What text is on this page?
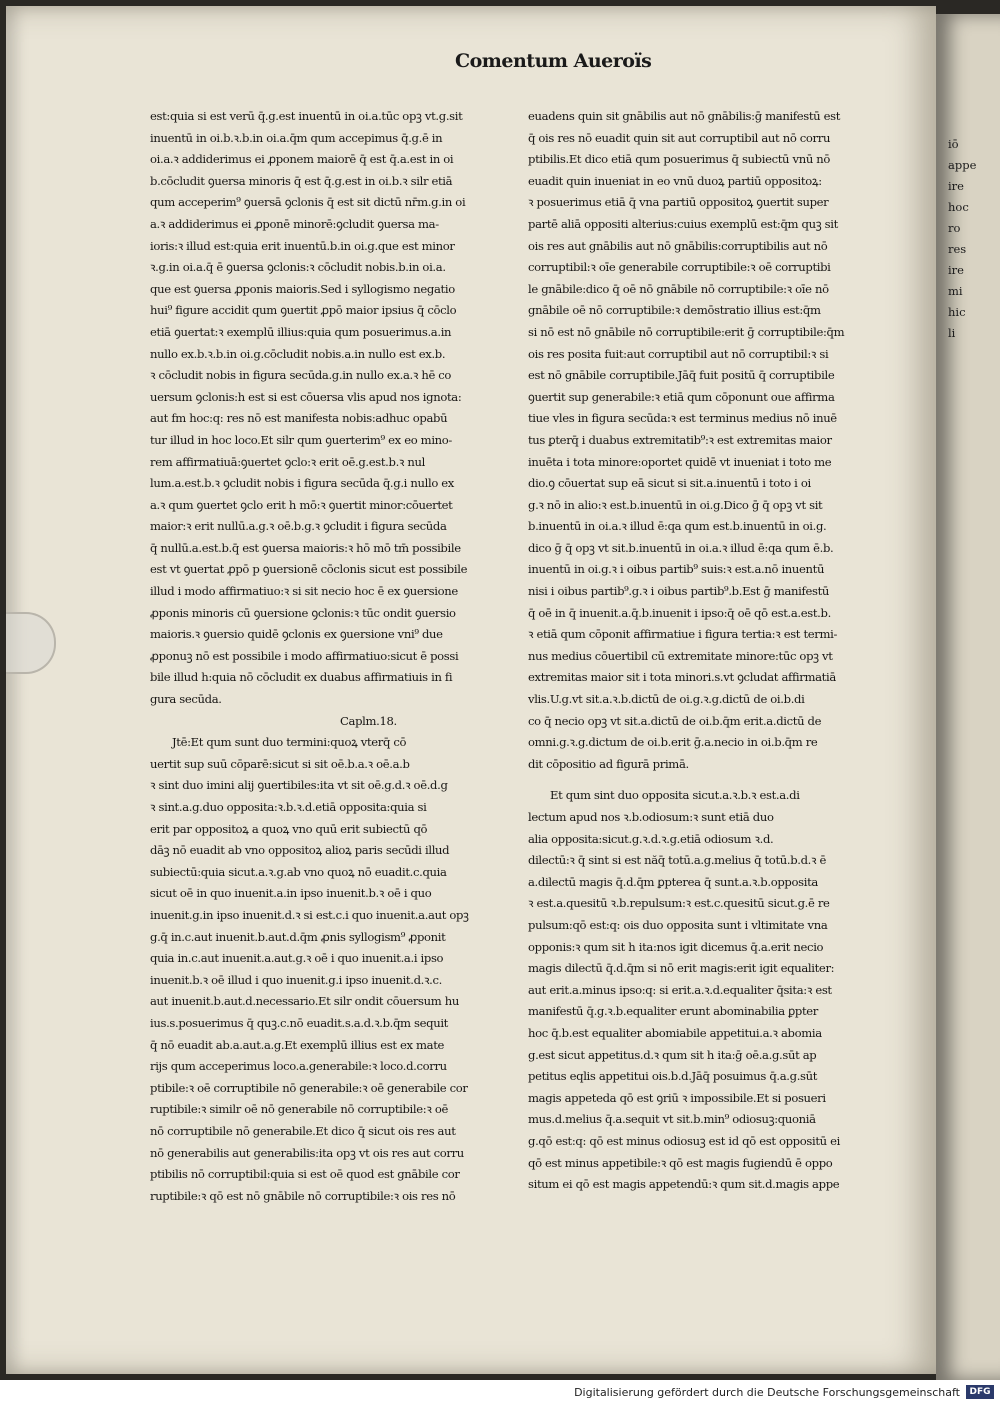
iō
appe
ire
hoc
ro
res
ire
mi
hic
li
Comentum Aueroïs
est:quia si est verū q̄.g.est inuentū in oi.a.tūc opꝫ vt.g.sit
inuentū in oi.b.ꝛ.b.in oi.a.q̄m qum accepimus q̄.g.ē in
oi.a.ꝛ addiderimus ei ꝓponem maiorē q̄ est q̄.a.est in oi
b.cōcludit ꝯuersa minoris q̄ est q̄.g.est in oi.b.ꝛ silr etiā
qum acceperim⁹ ꝯuersā ꝯclonis q̄ est sit dictū nr̄m.g.in oi
a.ꝛ addiderimus ei ꝓponē minorē:ꝯcludit ꝯuersa ma-
ioris:ꝛ illud est:quia erit inuentū.b.in oi.g.que est minor
ꝛ.g.in oi.a.q̄ ē ꝯuersa ꝯclonis:ꝛ cōcludit nobis.b.in oi.a.
que est ꝯuersa ꝓponis maioris.Sed i syllogismo negatio
hui⁹ figure accidit qum ꝯuertit ꝓpō maior ipsius q̄ cōclo
etiā ꝯuertat:ꝛ exemplū illius:quia qum posuerimus.a.in
nullo ex.b.ꝛ.b.in oi.g.cōcludit nobis.a.in nullo est ex.b.
ꝛ cōcludit nobis in figura secūda.g.in nullo ex.a.ꝛ hē co
uersum ꝯclonis:h est si est cōuersa vlis apud nos ignota:
aut fm hoc:q: res nō est manifesta nobis:adhuc opabū
tur illud in hoc loco.Et silr qum ꝯuerterim⁹ ex eo mino-
rem affirmatiuā:ꝯuertet ꝯclo:ꝛ erit oē.g.est.b.ꝛ nul
lum.a.est.b.ꝛ ꝯcludit nobis i figura secūda q̄.g.i nullo ex
a.ꝛ qum ꝯuertet ꝯclo erit h mō:ꝛ ꝯuertit minor:cōuertet
maior:ꝛ erit nullū.a.g.ꝛ oē.b.g.ꝛ ꝯcludit i figura secūda
q̄ nullū.a.est.b.q̄ est ꝯuersa maioris:ꝛ hō mō tm̄ possibile
est vt ꝯuertat ꝓpō p ꝯuersionē cōclonis sicut est possibile
illud i modo affirmatiuo:ꝛ si sit necio hoc ē ex ꝯuersione
ꝓponis minoris cū ꝯuersione ꝯclonis:ꝛ tūc ondit ꝯuersio
maioris.ꝛ ꝯuersio quidē ꝯclonis ex ꝯuersione vni⁹ due
ꝓponuꝫ nō est possibile i modo affirmatiuo:sicut ē possi
bile illud h:quia nō cōcludit ex duabus affirmatiuis in fi
gura secūda.
Caplm.18.
Jtē:Et qum sunt duo termini:quoꝝ vterq̄ cō
uertit sup suū cōparē:sicut si sit oē.b.a.ꝛ oē.a.b
ꝛ sint duo imini alij ꝯuertibiles:ita vt sit oē.g.d.ꝛ oē.d.g
ꝛ sint.a.g.duo opposita:ꝛ.b.ꝛ.d.etiā opposita:quia si
erit par oppositoꝝ a quoꝝ vno quū erit subiectū qō
dāꝫ nō euadit ab vno oppositoꝝ alioꝝ paris secūdi illud
subiectū:quia sicut.a.ꝛ.g.ab vno quoꝝ nō euadit.c.quia
sicut oē in quo inuenit.a.in ipso inuenit.b.ꝛ oē i quo
inuenit.g.in ipso inuenit.d.ꝛ si est.c.i quo inuenit.a.aut opꝫ
g.q̄ in.c.aut inuenit.b.aut.d.q̄m ꝓnis syllogism⁹ ꝓponit
quia in.c.aut inuenit.a.aut.g.ꝛ oē i quo inuenit.a.i ipso
inuenit.b.ꝛ oē illud i quo inuenit.g.i ipso inuenit.d.ꝛ.c.
aut inuenit.b.aut.d.necessario.Et silr ondit cōuersum hu
ius.s.posuerimus q̄ quꝫ.c.nō euadit.s.a.d.ꝛ.b.q̄m sequit
q̄ nō euadit ab.a.aut.a.g.Et exemplū illius est ex mate
rijs qum acceperimus loco.a.generabile:ꝛ loco.d.corru
ptibile:ꝛ oē corruptibile nō generabile:ꝛ oē generabile cor
ruptibile:ꝛ similr oē nō generabile nō corruptibile:ꝛ oē
nō corruptibile nō generabile.Et dico q̄ sicut ois res aut
nō generabilis aut generabilis:ita opꝫ vt ois res aut corru
ptibilis nō corruptibil:quia si est oē quod est gnābile cor
ruptibile:ꝛ qō est nō gnābile nō corruptibile:ꝛ ois res nō
euadens quin sit gnābilis aut nō gnābilis:ḡ manifestū est
q̄ ois res nō euadit quin sit aut corruptibil aut nō corru
ptibilis.Et dico etiā qum posuerimus q̄ subiectū vnū nō
euadit quin inueniat in eo vnū duoꝝ partiū oppositoꝝ:
ꝛ posuerimus etiā q̄ vna partiū oppositoꝝ ꝯuertit super
partē aliā oppositi alterius:cuius exemplū est:q̄m quꝫ sit
ois res aut gnābilis aut nō gnābilis:corruptibilis aut nō
corruptibil:ꝛ oīe generabile corruptibile:ꝛ oē corruptibi
le gnābile:dico q̄ oē nō gnābile nō corruptibile:ꝛ oīe nō
gnābile oē nō corruptibile:ꝛ demōstratio illius est:q̄m
si nō est nō gnābile nō corruptibile:erit ḡ corruptibile:q̄m
ois res posita fuit:aut corruptibil aut nō corruptibil:ꝛ si
est nō gnābile corruptibile.Jāq̄ fuit positū q̄ corruptibile
ꝯuertit sup generabile:ꝛ etiā qum cōponunt oue affirma
tiue vles in figura secūda:ꝛ est terminus medius nō inuē
tus ꝑterq̄ i duabus extremitatib⁹:ꝛ est extremitas maior
inuēta i tota minore:oportet quidē vt inueniat i toto me
dio.ꝯ cōuertat sup eā sicut si sit.a.inuentū i toto i oi
g.ꝛ nō in alio:ꝛ est.b.inuentū in oi.g.Dico ḡ q̄ opꝫ vt sit
b.inuentū in oi.a.ꝛ illud ē:qa qum est.b.inuentū in oi.g.
dico ḡ q̄ opꝫ vt sit.b.inuentū in oi.a.ꝛ illud ē:qa qum ē.b.
inuentū in oi.g.ꝛ i oibus partib⁹ suis:ꝛ est.a.nō inuentū
nisi i oibus partib⁹.g.ꝛ i oibus partib⁹.b.Est ḡ manifestū
q̄ oē in q̄ inuenit.a.q̄.b.inuenit i ipso:q̄ oē qō est.a.est.b.
ꝛ etiā qum cōponit affirmatiue i figura tertia:ꝛ est termi-
nus medius cōuertibil cū extremitate minore:tūc opꝫ vt
extremitas maior sit i tota minori.s.vt ꝯcludat affirmatiā
vlis.U.g.vt sit.a.ꝛ.b.dictū de oi.g.ꝛ.g.dictū de oi.b.di
co q̄ necio opꝫ vt sit.a.dictū de oi.b.q̄m erit.a.dictū de
omni.g.ꝛ.g.dictum de oi.b.erit ḡ.a.necio in oi.b.q̄m re
dit cōpositio ad figurā primā.
Et qum sint duo opposita sicut.a.ꝛ.b.ꝛ est.a.di
lectum apud nos ꝛ.b.odiosum:ꝛ sunt etiā duo
alia opposita:sicut.g.ꝛ.d.ꝛ.g.etiā odiosum ꝛ.d.
dilectū:ꝛ q̄ sint si est năq̄ totū.a.g.melius q̄ totū.b.d.ꝛ ē
a.dilectū magis q̄.d.q̄m ꝑpterea q̄ sunt.a.ꝛ.b.opposita
ꝛ est.a.quesitū ꝛ.b.repulsum:ꝛ est.c.quesitū sicut.g.ē re
pulsum:qō est:q: ois duo opposita sunt i vltimitate vna
opponis:ꝛ qum sit h ita:nos igit dicemus q̄.a.erit necio
magis dilectū q̄.d.q̄m si nō erit magis:erit igit equaliter:
aut erit.a.minus ipso:q: si erit.a.ꝛ.d.equaliter q̄sita:ꝛ est
manifestū q̄.g.ꝛ.b.equaliter erunt abominabilia ꝑpter
hoc q̄.b.est equaliter abomiabile appetitui.a.ꝛ abomia
g.est sicut appetitus.d.ꝛ qum sit h ita:ḡ oē.a.g.sūt ap
petitus eqlis appetitui ois.b.d.Jāq̄ posuimus q̄.a.g.sūt
magis appeteda qō est ꝯriū ꝛ impossibile.Et si posueri
mus.d.melius q̄.a.sequit vt sit.b.min⁹ odiosuꝫ:quoniā
g.qō est:q: qō est minus odiosuꝫ est id qō est oppositū ei
qō est minus appetibile:ꝛ qō est magis fugiendū ē oppo
situm ei qō est magis appetendū:ꝛ qum sit.d.magis appe
Digitalisierung gefördert durch die Deutsche Forschungsgemeinschaft	DFG
